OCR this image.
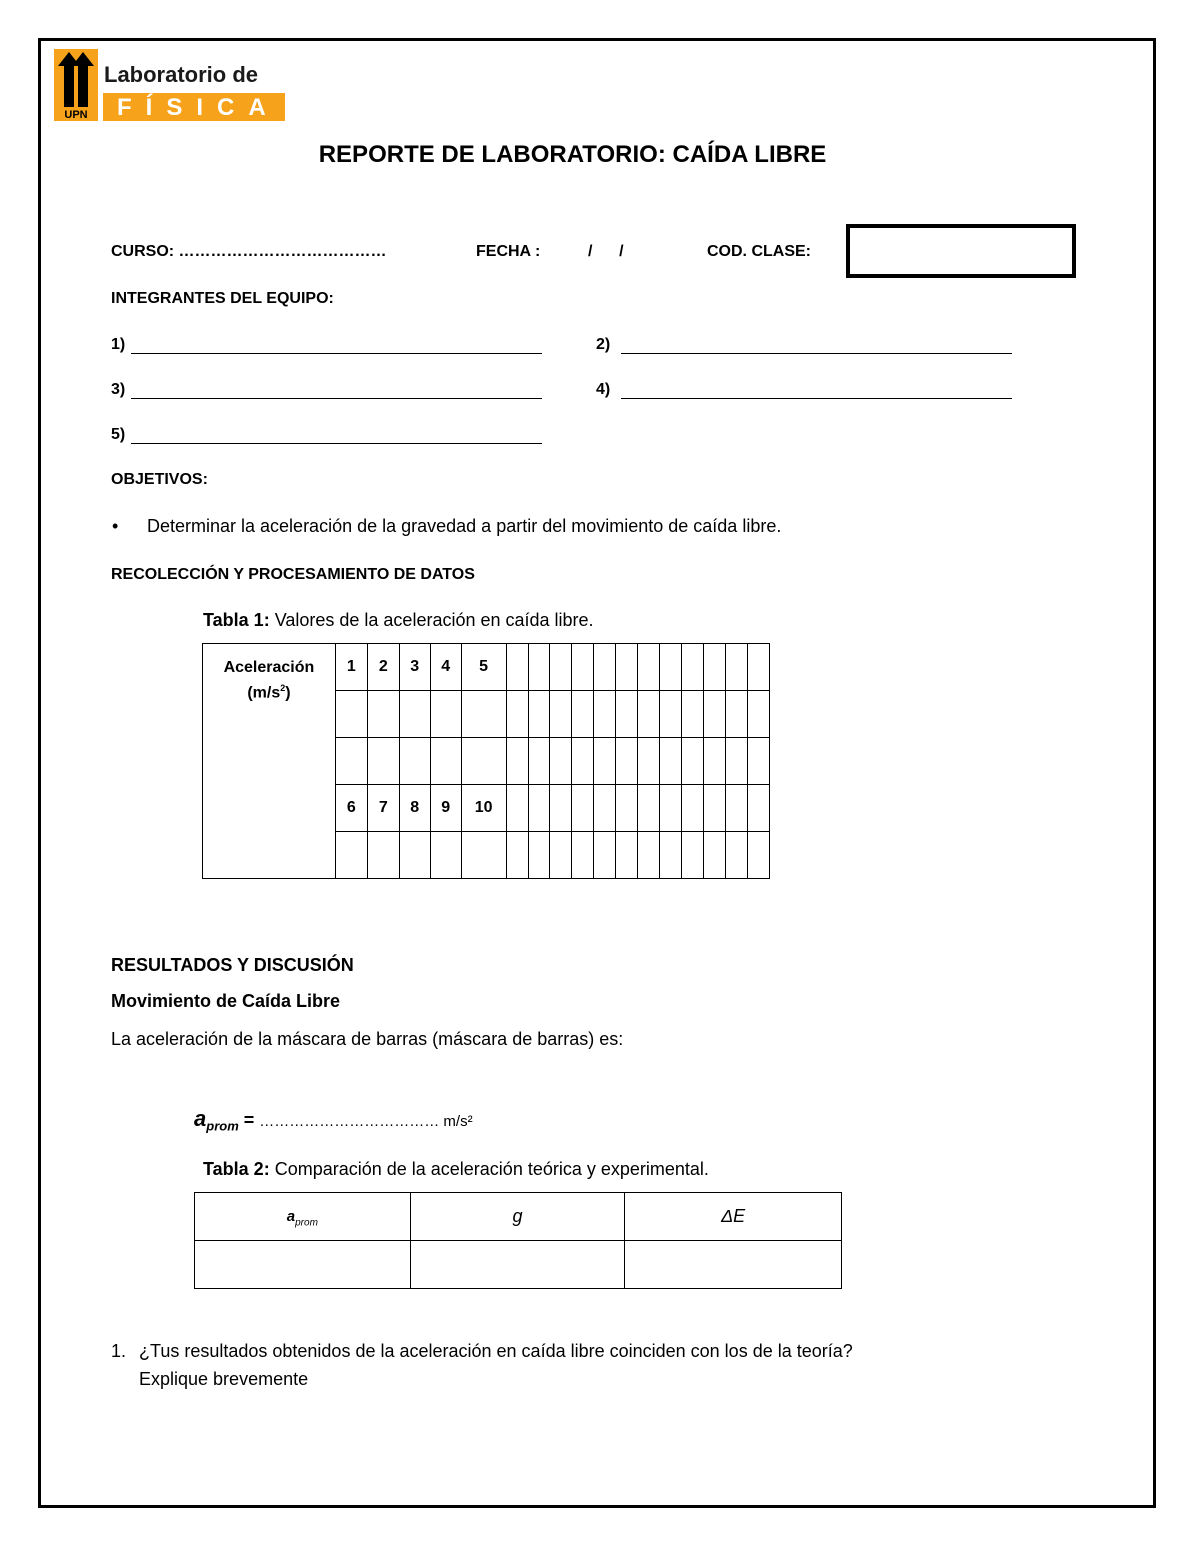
UPN
Laboratorio de
FÍSICA
REPORTE DE LABORATORIO: CAÍDA LIBRE
CURSO: …………………………………	FECHA :	/      /	COD. CLASE:
INTEGRANTES DEL EQUIPO:
1)	2)
3)	4)
5)
OBJETIVOS:
• Determinar la aceleración de la gravedad a partir del movimiento de caída libre.
RECOLECCIÓN Y PROCESAMIENTO DE DATOS
Tabla 1: Valores de la aceleración en caída libre.
Aceleración
$(m/s^2)$	1	2	3	4	5												

	6	7	8	9	10												

RESULTADOS Y DISCUSIÓN
Movimiento de Caída Libre
La aceleración de la máscara de barras (máscara de barras) es:
$a_{prom}$ = ……………………………… m/s²
Tabla 2: Comparación de la aceleración teórica y experimental.
$a_{prom}$	g	ΔE

1. ¿Tus resultados obtenidos de la aceleración en caída libre coinciden con los de la teoría?
Explique brevemente
